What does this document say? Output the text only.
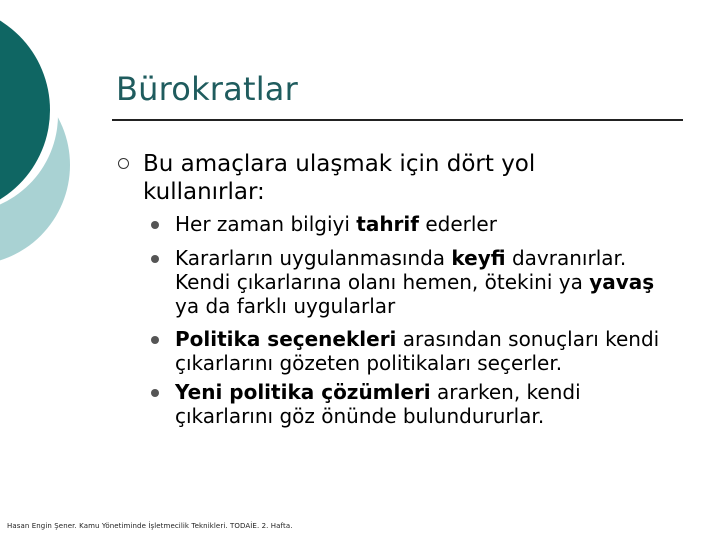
Bürokratlar
Bu amaçlara ulaşmak için dört yol kullanırlar:
Her zaman bilgiyi tahrif ederler
Kararların uygulanmasında keyfi davranırlar. Kendi çıkarlarına olanı hemen, ötekini ya yavaş ya da farklı uygularlar
Politika seçenekleri arasından sonuçları kendi çıkarlarını gözeten politikaları seçerler.
Yeni politika çözümleri ararken, kendi çıkarlarını göz önünde bulundururlar.
Hasan Engin Şener. Kamu Yönetiminde İşletmecilik Teknikleri. TODAİE. 2. Hafta.
